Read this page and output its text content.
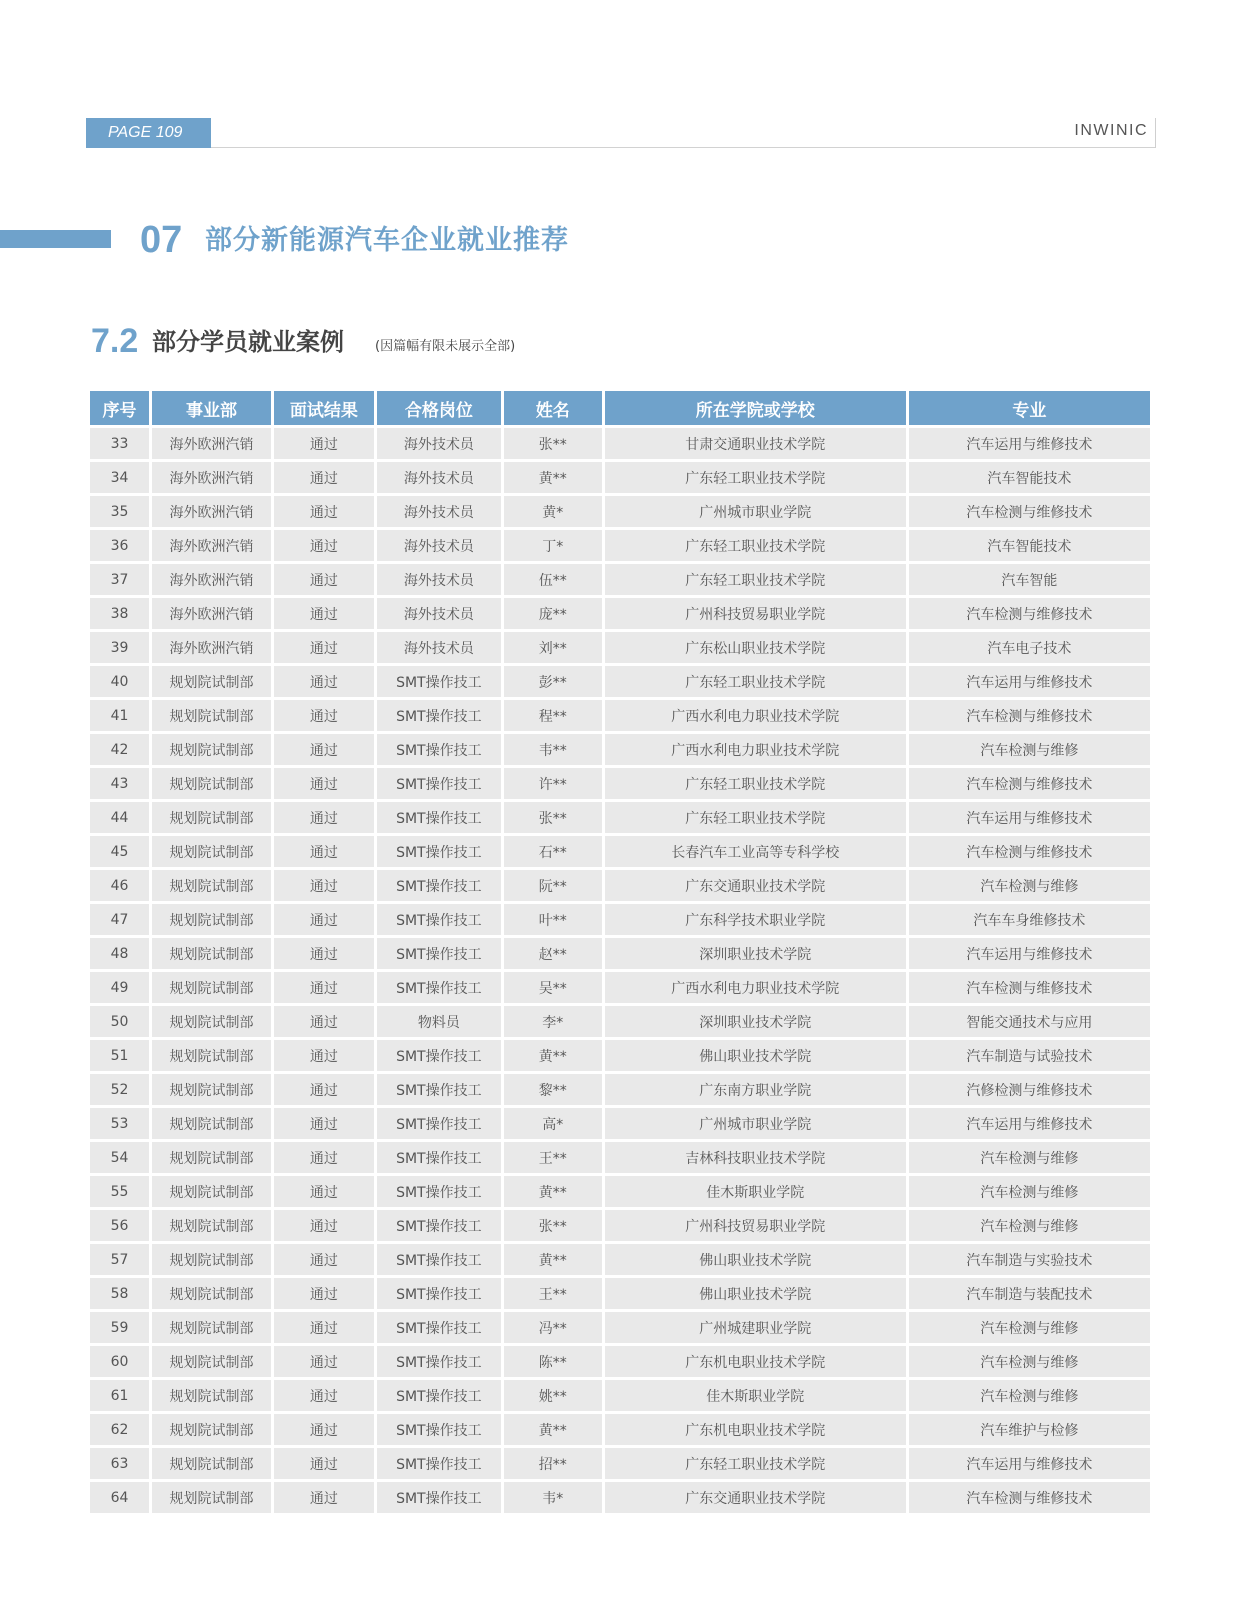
PAGE 109	INWINIC
07 部分新能源汽车企业就业推荐
7.2 部分学员就业案例 (因篇幅有限未展示全部)
序号	事业部	面试结果	合格岗位	姓名	所在学院或学校	专业
33	海外欧洲汽销	通过	海外技术员	张**	甘肃交通职业技术学院	汽车运用与维修技术
34	海外欧洲汽销	通过	海外技术员	黄**	广东轻工职业技术学院	汽车智能技术
35	海外欧洲汽销	通过	海外技术员	黄*	广州城市职业学院	汽车检测与维修技术
36	海外欧洲汽销	通过	海外技术员	丁*	广东轻工职业技术学院	汽车智能技术
37	海外欧洲汽销	通过	海外技术员	伍**	广东轻工职业技术学院	汽车智能
38	海外欧洲汽销	通过	海外技术员	庞**	广州科技贸易职业学院	汽车检测与维修技术
39	海外欧洲汽销	通过	海外技术员	刘**	广东松山职业技术学院	汽车电子技术
40	规划院试制部	通过	SMT操作技工	彭**	广东轻工职业技术学院	汽车运用与维修技术
41	规划院试制部	通过	SMT操作技工	程**	广西水利电力职业技术学院	汽车检测与维修技术
42	规划院试制部	通过	SMT操作技工	韦**	广西水利电力职业技术学院	汽车检测与维修
43	规划院试制部	通过	SMT操作技工	许**	广东轻工职业技术学院	汽车检测与维修技术
44	规划院试制部	通过	SMT操作技工	张**	广东轻工职业技术学院	汽车运用与维修技术
45	规划院试制部	通过	SMT操作技工	石**	长春汽车工业高等专科学校	汽车检测与维修技术
46	规划院试制部	通过	SMT操作技工	阮**	广东交通职业技术学院	汽车检测与维修
47	规划院试制部	通过	SMT操作技工	叶**	广东科学技术职业学院	汽车车身维修技术
48	规划院试制部	通过	SMT操作技工	赵**	深圳职业技术学院	汽车运用与维修技术
49	规划院试制部	通过	SMT操作技工	吴**	广西水利电力职业技术学院	汽车检测与维修技术
50	规划院试制部	通过	物料员	李*	深圳职业技术学院	智能交通技术与应用
51	规划院试制部	通过	SMT操作技工	黄**	佛山职业技术学院	汽车制造与试验技术
52	规划院试制部	通过	SMT操作技工	黎**	广东南方职业学院	汽修检测与维修技术
53	规划院试制部	通过	SMT操作技工	高*	广州城市职业学院	汽车运用与维修技术
54	规划院试制部	通过	SMT操作技工	王**	吉林科技职业技术学院	汽车检测与维修
55	规划院试制部	通过	SMT操作技工	黄**	佳木斯职业学院	汽车检测与维修
56	规划院试制部	通过	SMT操作技工	张**	广州科技贸易职业学院	汽车检测与维修
57	规划院试制部	通过	SMT操作技工	黄**	佛山职业技术学院	汽车制造与实验技术
58	规划院试制部	通过	SMT操作技工	王**	佛山职业技术学院	汽车制造与装配技术
59	规划院试制部	通过	SMT操作技工	冯**	广州城建职业学院	汽车检测与维修
60	规划院试制部	通过	SMT操作技工	陈**	广东机电职业技术学院	汽车检测与维修
61	规划院试制部	通过	SMT操作技工	姚**	佳木斯职业学院	汽车检测与维修
62	规划院试制部	通过	SMT操作技工	黄**	广东机电职业技术学院	汽车维护与检修
63	规划院试制部	通过	SMT操作技工	招**	广东轻工职业技术学院	汽车运用与维修技术
64	规划院试制部	通过	SMT操作技工	韦*	广东交通职业技术学院	汽车检测与维修技术
